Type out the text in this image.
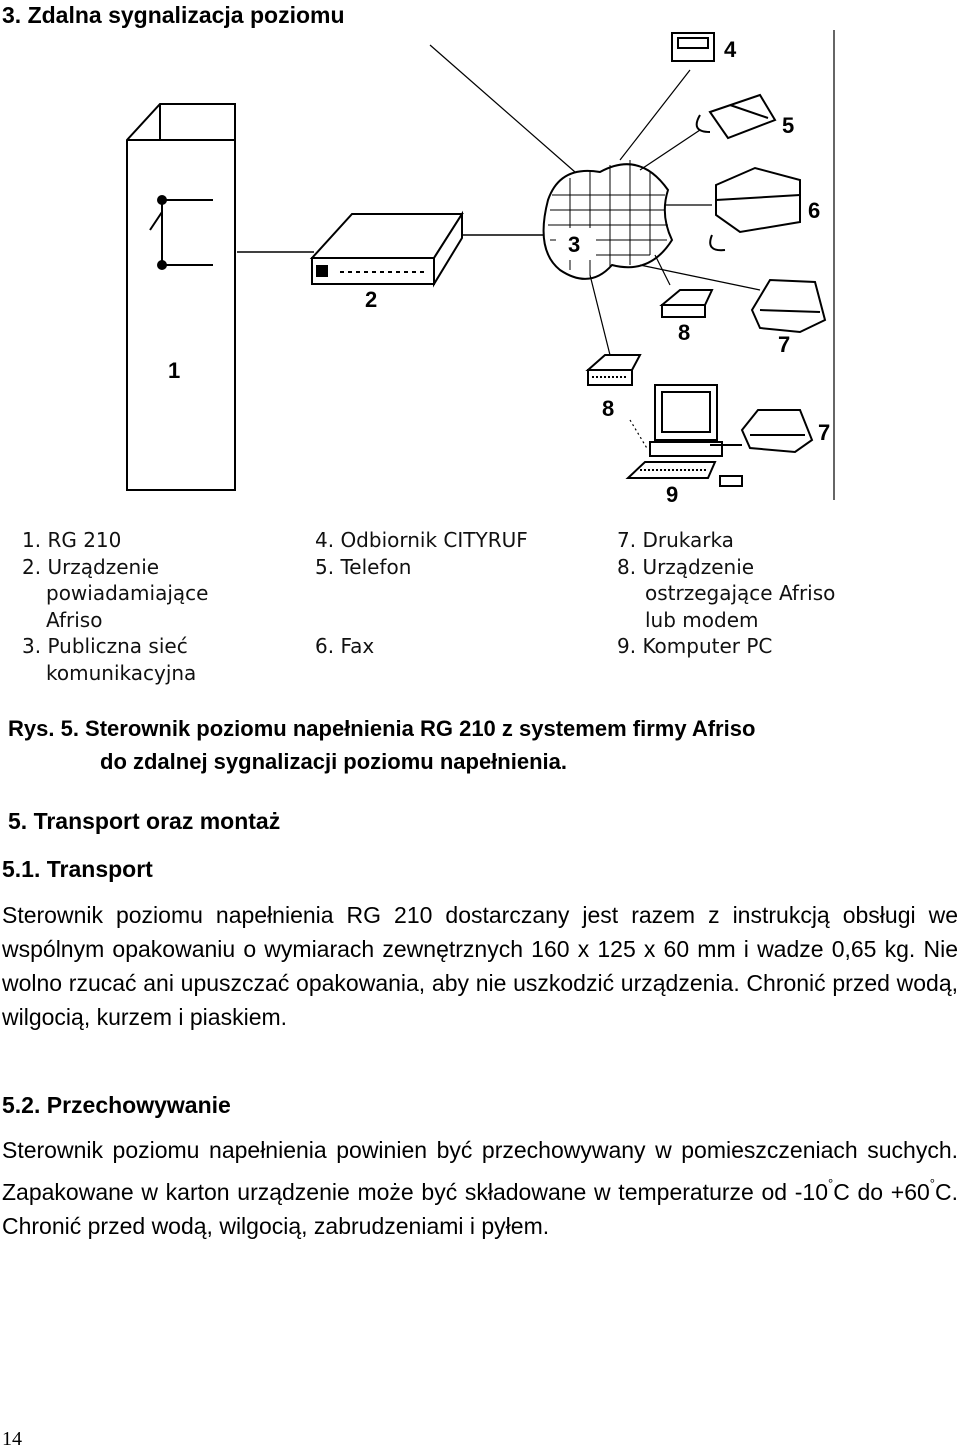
3. Zdalna sygnalizacja poziomu
4
5
6
3
2
8	7
1
8
7
9
1. RG 210
2. Urządzenie
powiadamiające
Afriso
3. Publiczna sieć
komunikacyjna
4. Odbiornik CITYRUF
5. Telefon
6. Fax
7. Drukarka
8. Urządzenie
ostrzegające Afriso
lub modem
9. Komputer PC
Rys. 5. Sterownik poziomu napełnienia RG 210 z systemem firmy Afriso
do zdalnej sygnalizacji poziomu napełnienia.
5. Transport oraz montaż
5.1. Transport
Sterownik poziomu napełnienia RG 210 dostarczany jest razem z instrukcją obsługi we wspólnym opakowaniu o wymiarach zewnętrznych 160 x 125 x 60 mm i wadze 0,65 kg. Nie wolno rzucać ani upuszczać opakowania, aby nie uszkodzić urządzenia. Chronić przed wodą, wilgocią, kurzem i piaskiem.
5.2. Przechowywanie
Sterownik poziomu napełnienia powinien być przechowywany w pomieszczeniach suchych. Zapakowane w karton urządzenie może być składowane w temperaturze od -10°C do +60°C. Chronić przed wodą, wilgocią, zabrudzeniami i pyłem.
14
